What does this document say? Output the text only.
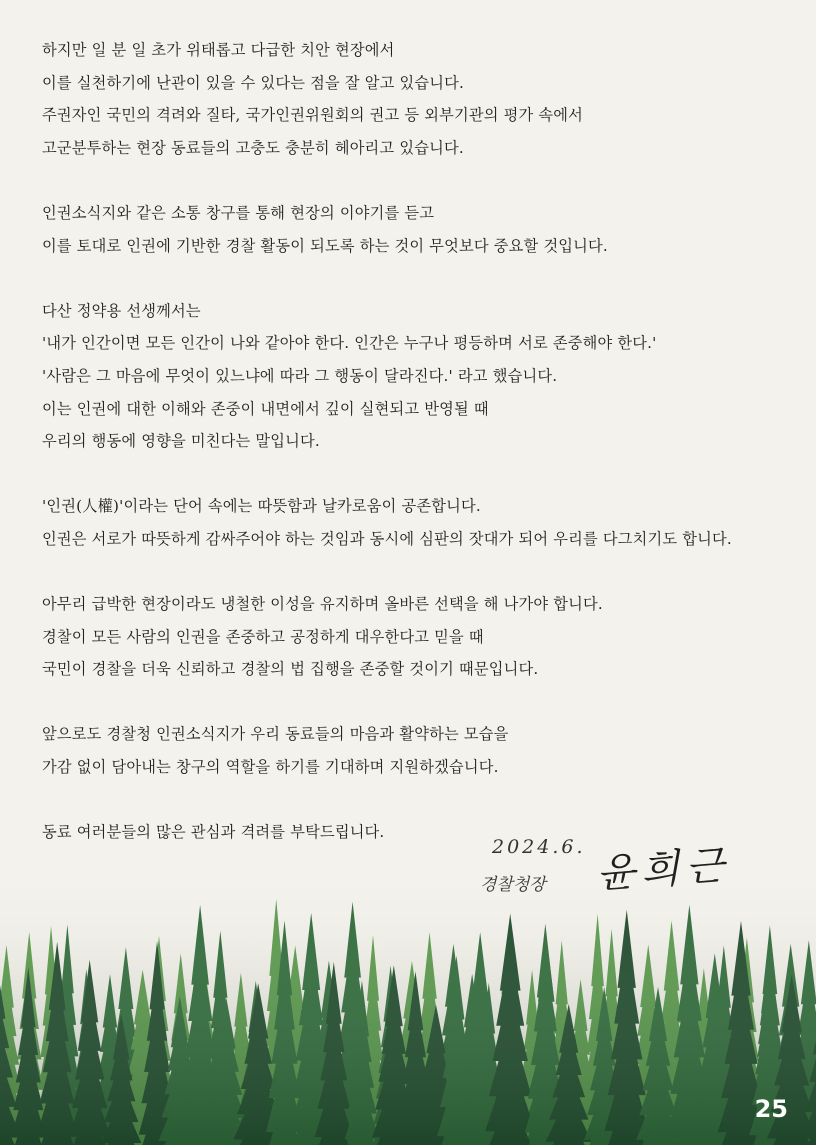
하지만 일 분 일 초가 위태롭고 다급한 치안 현장에서
이를 실천하기에 난관이 있을 수 있다는 점을 잘 알고 있습니다.
주권자인 국민의 격려와 질타, 국가인권위원회의 권고 등 외부기관의 평가 속에서
고군분투하는 현장 동료들의 고충도 충분히 헤아리고 있습니다.

인권소식지와 같은 소통 창구를 통해 현장의 이야기를 듣고
이를 토대로 인권에 기반한 경찰 활동이 되도록 하는 것이 무엇보다 중요할 것입니다.

다산 정약용 선생께서는
'내가 인간이면 모든 인간이 나와 같아야 한다. 인간은 누구나 평등하며 서로 존중해야 한다.'
'사람은 그 마음에 무엇이 있느냐에 따라 그 행동이 달라진다.' 라고 했습니다.
이는 인권에 대한 이해와 존중이 내면에서 깊이 실현되고 반영될 때
우리의 행동에 영향을 미친다는 말입니다.

'인권(人權)'이라는 단어 속에는 따뜻함과 날카로움이 공존합니다.
인권은 서로가 따뜻하게 감싸주어야 하는 것임과 동시에 심판의 잣대가 되어 우리를 다그치기도 합니다.

아무리 급박한 현장이라도 냉철한 이성을 유지하며 올바른 선택을 해 나가야 합니다.
경찰이 모든 사람의 인권을 존중하고 공정하게 대우한다고 믿을 때
국민이 경찰을 더욱 신뢰하고 경찰의 법 집행을 존중할 것이기 때문입니다.

앞으로도 경찰청 인권소식지가 우리 동료들의 마음과 활약하는 모습을
가감 없이 담아내는 창구의 역할을 하기를 기대하며 지원하겠습니다.

동료 여러분들의 많은 관심과 격려를 부탁드립니다.

2024.6.
25
